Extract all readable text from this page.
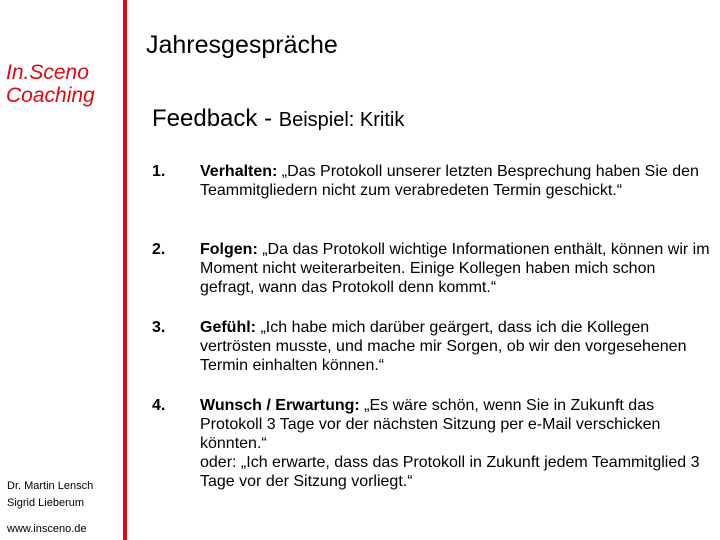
In.Sceno
Coaching
Jahresgespräche
Feedback - Beispiel: Kritik
1. Verhalten: „Das Protokoll unserer letzten Besprechung haben Sie den Teammitgliedern nicht zum verabredeten Termin geschickt.“
2. Folgen: „Da das Protokoll wichtige Informationen enthält, können wir im Moment nicht weiterarbeiten. Einige Kollegen haben mich schon gefragt, wann das Protokoll denn kommt.“
3. Gefühl: „Ich habe mich darüber geärgert, dass ich die Kollegen vertrösten musste, und mache mir Sorgen, ob wir den vorgesehenen Termin einhalten können.“
4. Wunsch / Erwartung: „Es wäre schön, wenn Sie in Zukunft das Protokoll 3 Tage vor der nächsten Sitzung per e-Mail verschicken könnten.“
oder: „Ich erwarte, dass das Protokoll in Zukunft jedem Teammitglied 3 Tage vor der Sitzung vorliegt.“
Dr. Martin Lensch
Sigrid Lieberum
www.insceno.de
